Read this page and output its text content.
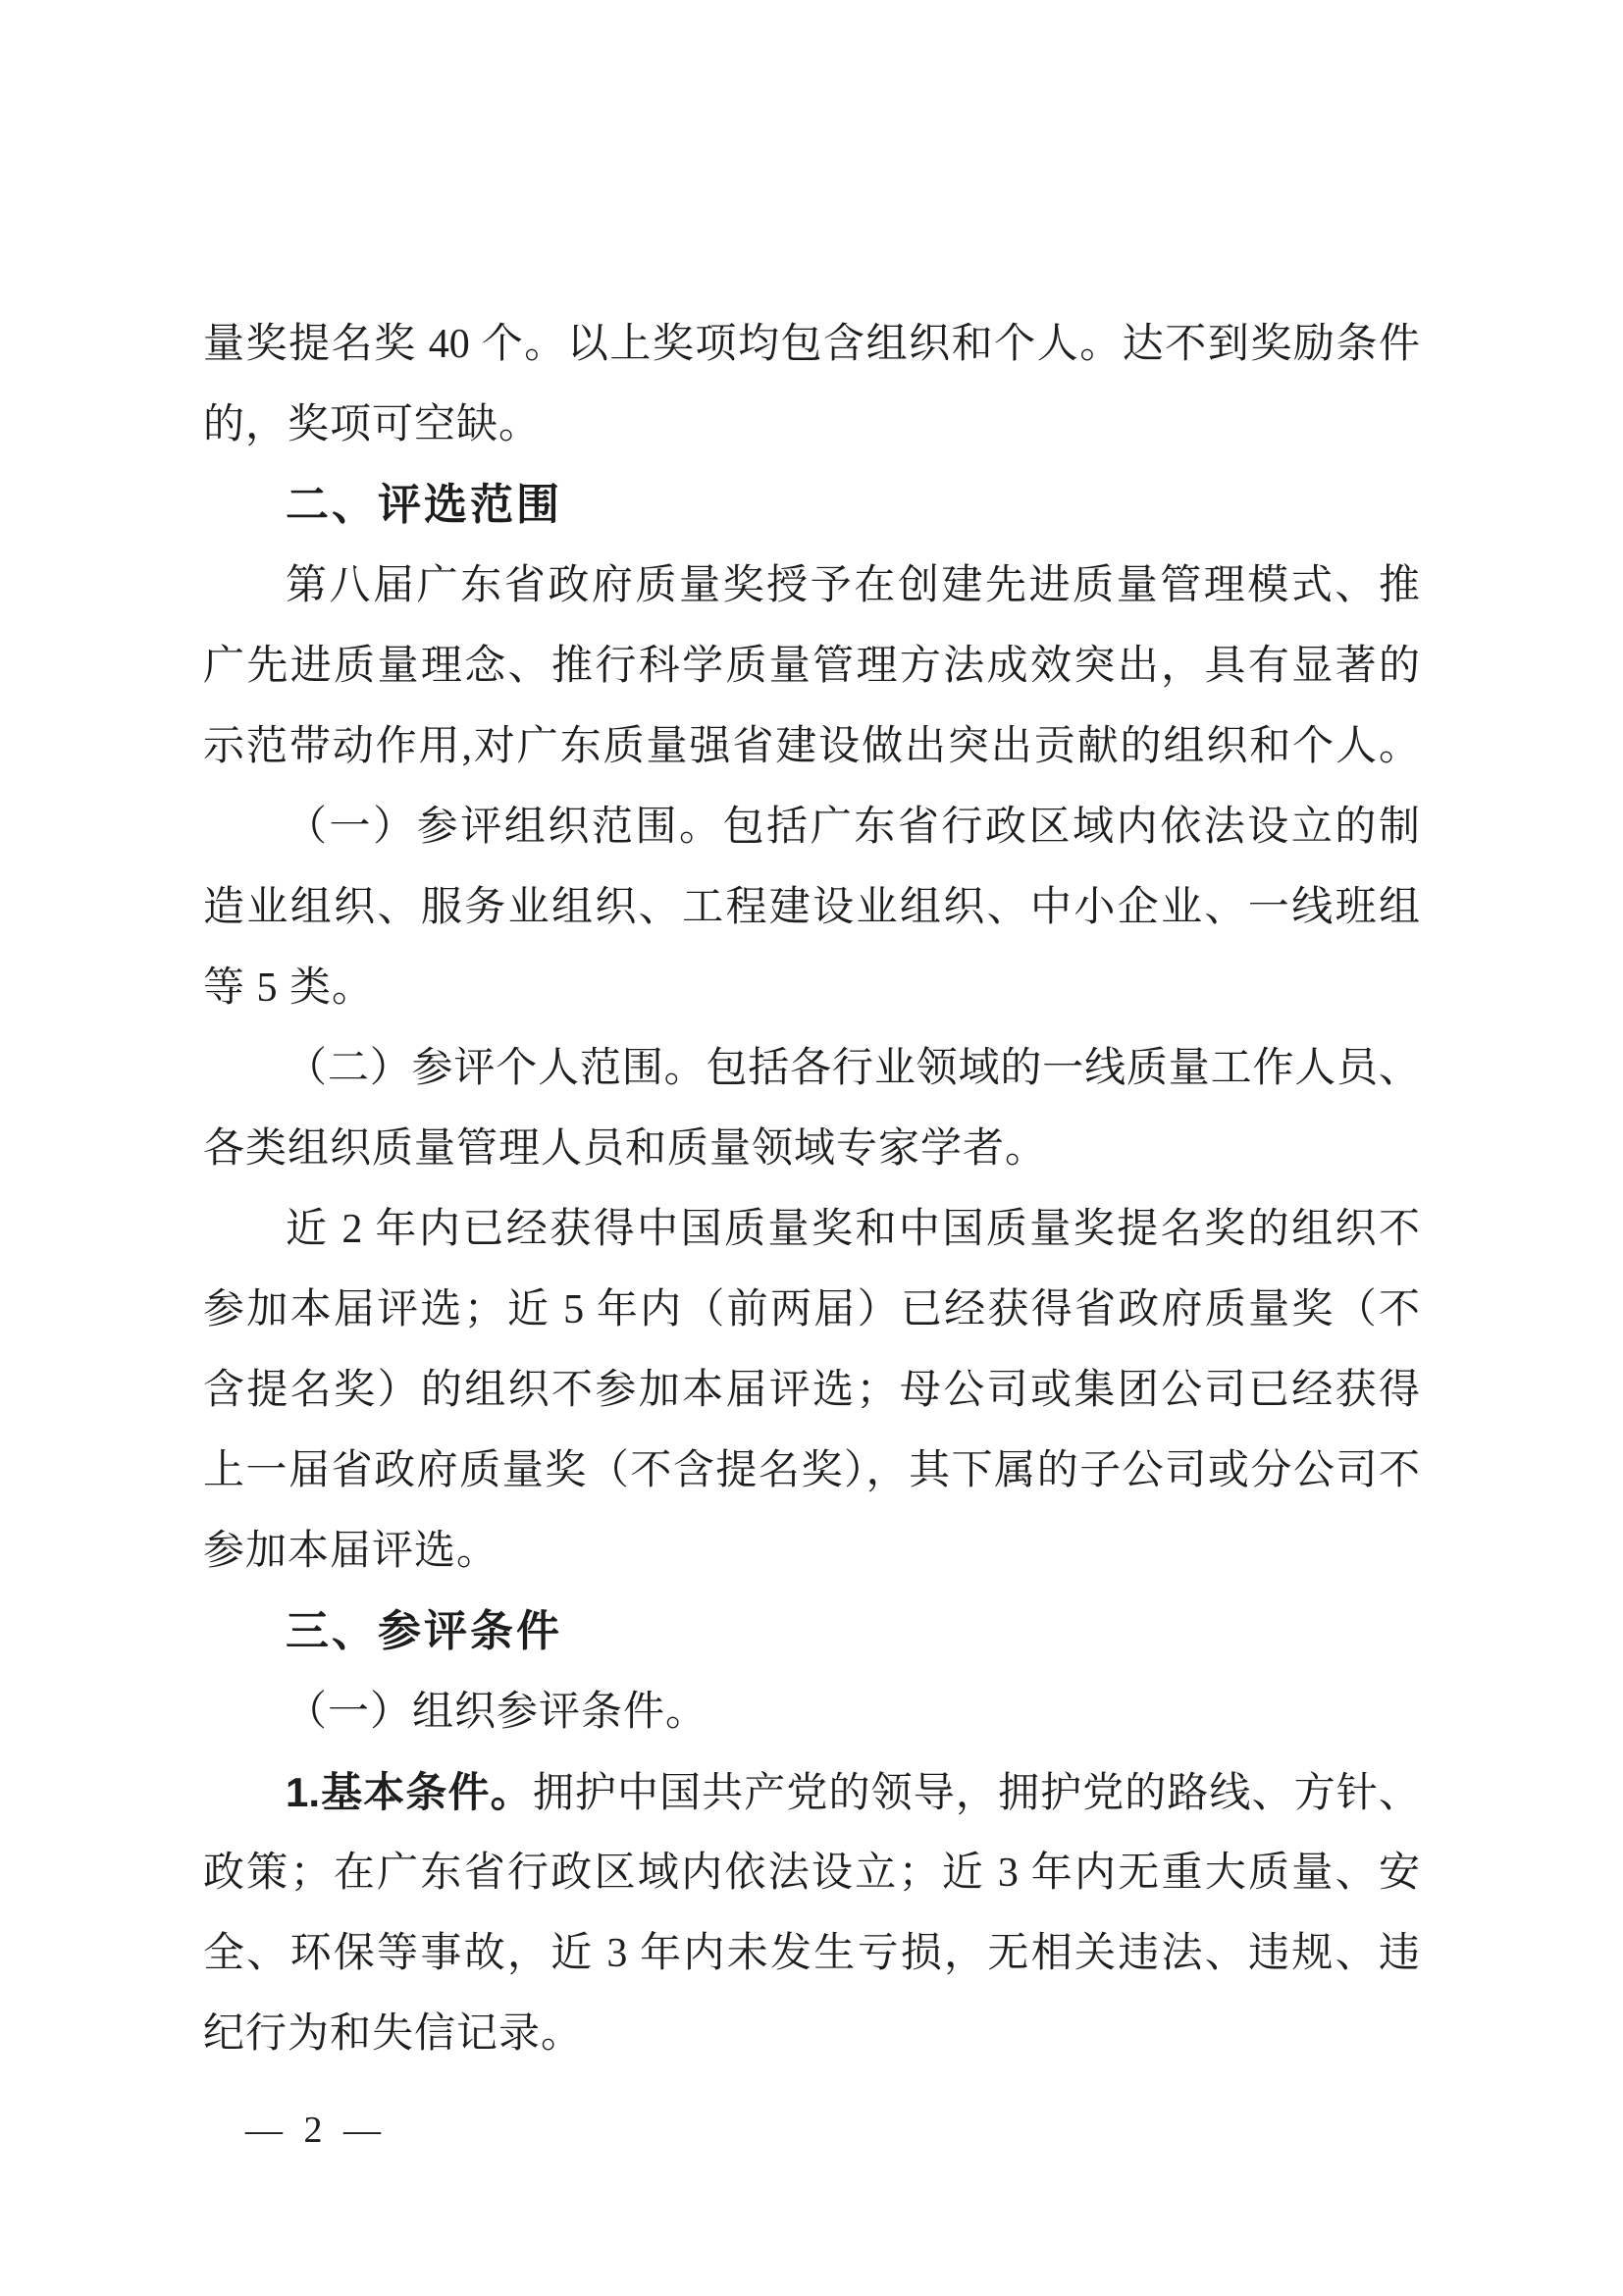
量奖提名奖 40 个。以上奖项均包含组织和个人。达不到奖励条件
的，奖项可空缺。
二、评选范围
第八届广东省政府质量奖授予在创建先进质量管理模式、推
广先进质量理念、推行科学质量管理方法成效突出，具有显著的
示范带动作用,对广东质量强省建设做出突出贡献的组织和个人。
（一）参评组织范围。包括广东省行政区域内依法设立的制
造业组织、服务业组织、工程建设业组织、中小企业、一线班组
等 5 类。
（二）参评个人范围。包括各行业领域的一线质量工作人员、
各类组织质量管理人员和质量领域专家学者。
近 2 年内已经获得中国质量奖和中国质量奖提名奖的组织不
参加本届评选；近 5 年内（前两届）已经获得省政府质量奖（不
含提名奖）的组织不参加本届评选；母公司或集团公司已经获得
上一届省政府质量奖（不含提名奖），其下属的子公司或分公司不
参加本届评选。
三、参评条件
（一）组织参评条件。
1.基本条件。拥护中国共产党的领导，拥护党的路线、方针、
政策；在广东省行政区域内依法设立；近 3 年内无重大质量、安
全、环保等事故，近 3 年内未发生亏损，无相关违法、违规、违
纪行为和失信记录。
— 2 —
